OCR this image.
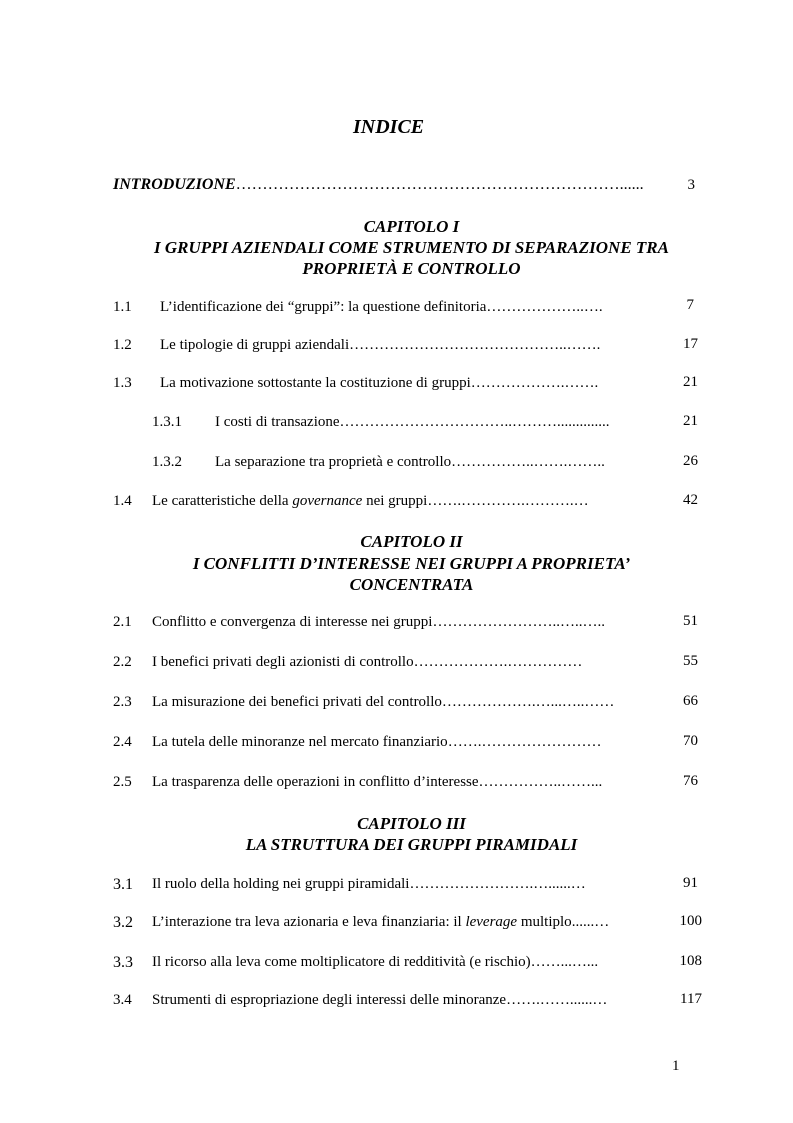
INDICE
INTRODUZIONE………………………………………………………………......	3
CAPITOLO I
I GRUPPI AZIENDALI COME STRUMENTO DI SEPARAZIONE TRA
PROPRIETÀ E CONTROLLO
1.1 L’identificazione dei “gruppi”: la questione definitoria………………..….	7
1.2 Le tipologie di gruppi aziendali……………………………………..…….	17
1.3 La motivazione sottostante la costituzione di gruppi……………….…….	21
1.3.1 I costi di transazione……………………………..………..............	21
1.3.2 La separazione tra proprietà e controllo……………..…….……..	26
1.4 Le caratteristiche della governance nei gruppi…….………….……….…	42
CAPITOLO II
I CONFLITTI D’INTERESSE NEI GRUPPI A PROPRIETA’
CONCENTRATA
2.1 Conflitto e convergenza di interesse nei gruppi……………………..…..…..	51
2.2 I benefici privati degli azionisti di controllo……………….……………	55
2.3 La misurazione dei benefici privati del controllo……………….…...…..……	66
2.4 La tutela delle minoranze nel mercato finanziario…….……………………	70
2.5 La trasparenza delle operazioni in conflitto d’interesse……………..……...	76
CAPITOLO III
LA STRUTTURA DEI GRUPPI PIRAMIDALI
3.1 Il ruolo della holding nei gruppi piramidali…………………….…......…	91
3.2 L’interazione tra leva azionaria e leva finanziaria: il leverage multiplo......…	100
3.3 Il ricorso alla leva come moltiplicatore di redditività (e rischio)……...…...	108
3.4 Strumenti di espropriazione degli interessi delle minoranze…….……......…	117
1
